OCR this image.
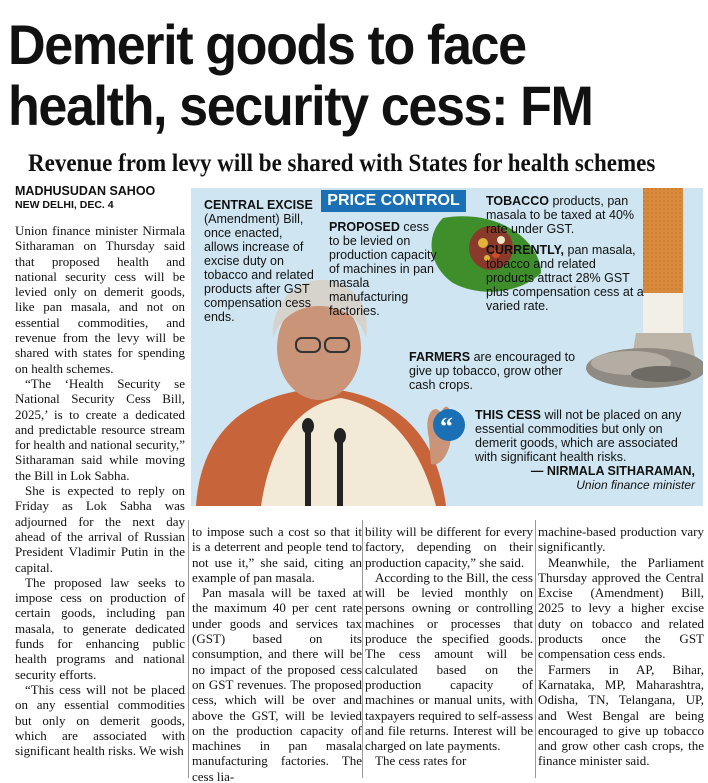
Demerit goods to face
health, security cess: FM
Revenue from levy will be shared with States for health schemes
MADHUSUDAN SAHOO
NEW DELHI, DEC. 4

Union finance minister Nirmala Sitharaman on Thursday said that proposed health and national security cess will be levied only on demerit goods, like pan masala, and not on essential commodities, and revenue from the levy will be shared with states for spending on health schemes.

“The ‘Health Security se National Security Cess Bill, 2025,’ is to create a dedicated and predictable resource stream for health and national security,” Sitharaman said while moving the Bill in Lok Sabha.

She is expected to reply on Friday as Lok Sabha was adjourned for the next day ahead of the arrival of Russian President Vladimir Putin in the capital.

The proposed law seeks to impose cess on production of certain goods, including pan masala, to generate dedicated funds for enhancing public health programs and national security efforts.

“This cess will not be placed on any essential commodities but only on demerit goods, which are associated with significant health risks. We wish

“
PRICE CONTROL
CENTRAL EXCISE (Amendment) Bill, once enacted, allows increase of excise duty on tobacco and related products after GST compensation cess ends.
PROPOSED cess to be levied on production capacity of machines in pan masala manufacturing factories.
TOBACCO products, pan masala to be taxed at 40% rate under GST.
CURRENTLY, pan masala, tobacco and related products attract 28% GST plus compensation cess at a varied rate.
FARMERS are encouraged to give up tobacco, grow other cash crops.
THIS CESS will not be placed on any essential commodities but only on demerit goods, which are associated with significant health risks.
— NIRMALA SITHARAMAN,
Union finance minister

to impose such a cost so that it is a deterrent and people tend to not use it,” she said, citing an example of pan masala.

Pan masala will be taxed at the maximum 40 per cent rate under goods and services tax (GST) based on its consumption, and there will be no impact of the proposed cess on GST revenues. The proposed cess, which will be over and above the GST, will be levied on the production capacity of machines in pan masala manufacturing factories. The cess lia-

bility will be different for every factory, depending on their production capacity,” she said.

According to the Bill, the cess will be levied monthly on persons owning or controlling machines or processes that produce the specified goods. The cess amount will be calculated based on the production capacity of machines or manual units, with taxpayers required to self-assess and file returns. Interest will be charged on late payments.

The cess rates for

machine-based production vary significantly.

Meanwhile, the Parliament Thursday approved the Central Excise (Amendment) Bill, 2025 to levy a higher excise duty on tobacco and related products once the GST compensation cess ends.

Farmers in AP, Bihar, Karnataka, MP, Maharashtra, Odisha, TN, Telangana, UP, and West Bengal are being encouraged to give up tobacco and grow other cash crops, the finance minister said.
